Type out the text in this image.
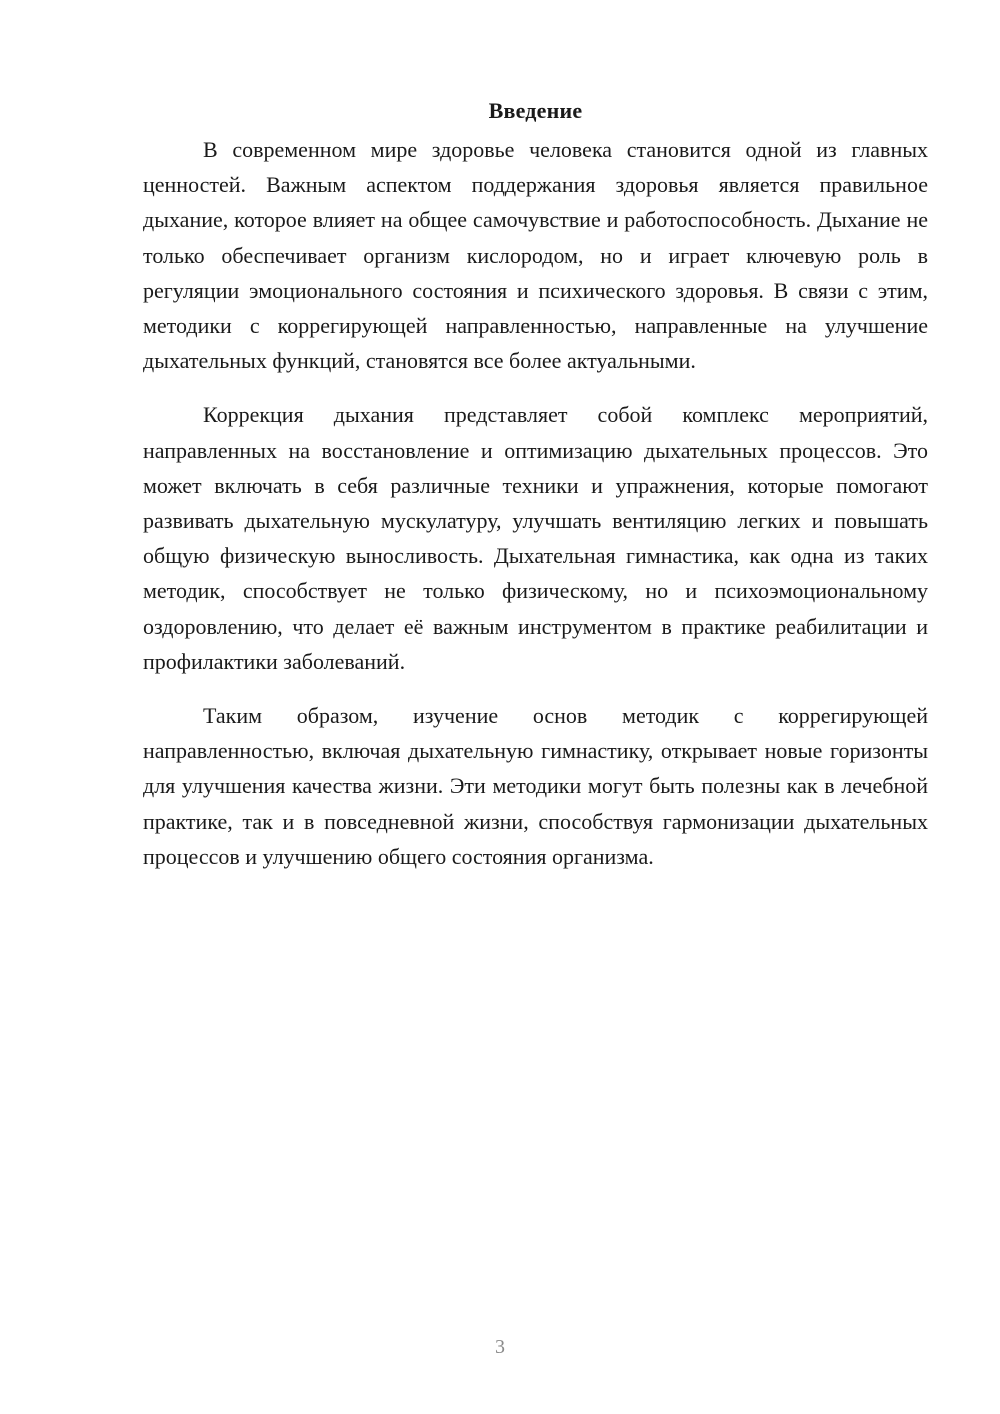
Введение

В современном мире здоровье человека становится одной из главных ценностей. Важным аспектом поддержания здоровья является правильное дыхание, которое влияет на общее самочувствие и работоспособность. Дыхание не только обеспечивает организм кислородом, но и играет ключевую роль в регуляции эмоционального состояния и психического здоровья. В связи с этим, методики с коррегирующей направленностью, направленные на улучшение дыхательных функций, становятся все более актуальными.

Коррекция дыхания представляет собой комплекс мероприятий, направленных на восстановление и оптимизацию дыхательных процессов. Это может включать в себя различные техники и упражнения, которые помогают развивать дыхательную мускулатуру, улучшать вентиляцию легких и повышать общую физическую выносливость. Дыхательная гимнастика, как одна из таких методик, способствует не только физическому, но и психоэмоциональному оздоровлению, что делает её важным инструментом в практике реабилитации и профилактики заболеваний.

Таким образом, изучение основ методик с коррегирующей направленностью, включая дыхательную гимнастику, открывает новые горизонты для улучшения качества жизни. Эти методики могут быть полезны как в лечебной практике, так и в повседневной жизни, способствуя гармонизации дыхательных процессов и улучшению общего состояния организма.

3
